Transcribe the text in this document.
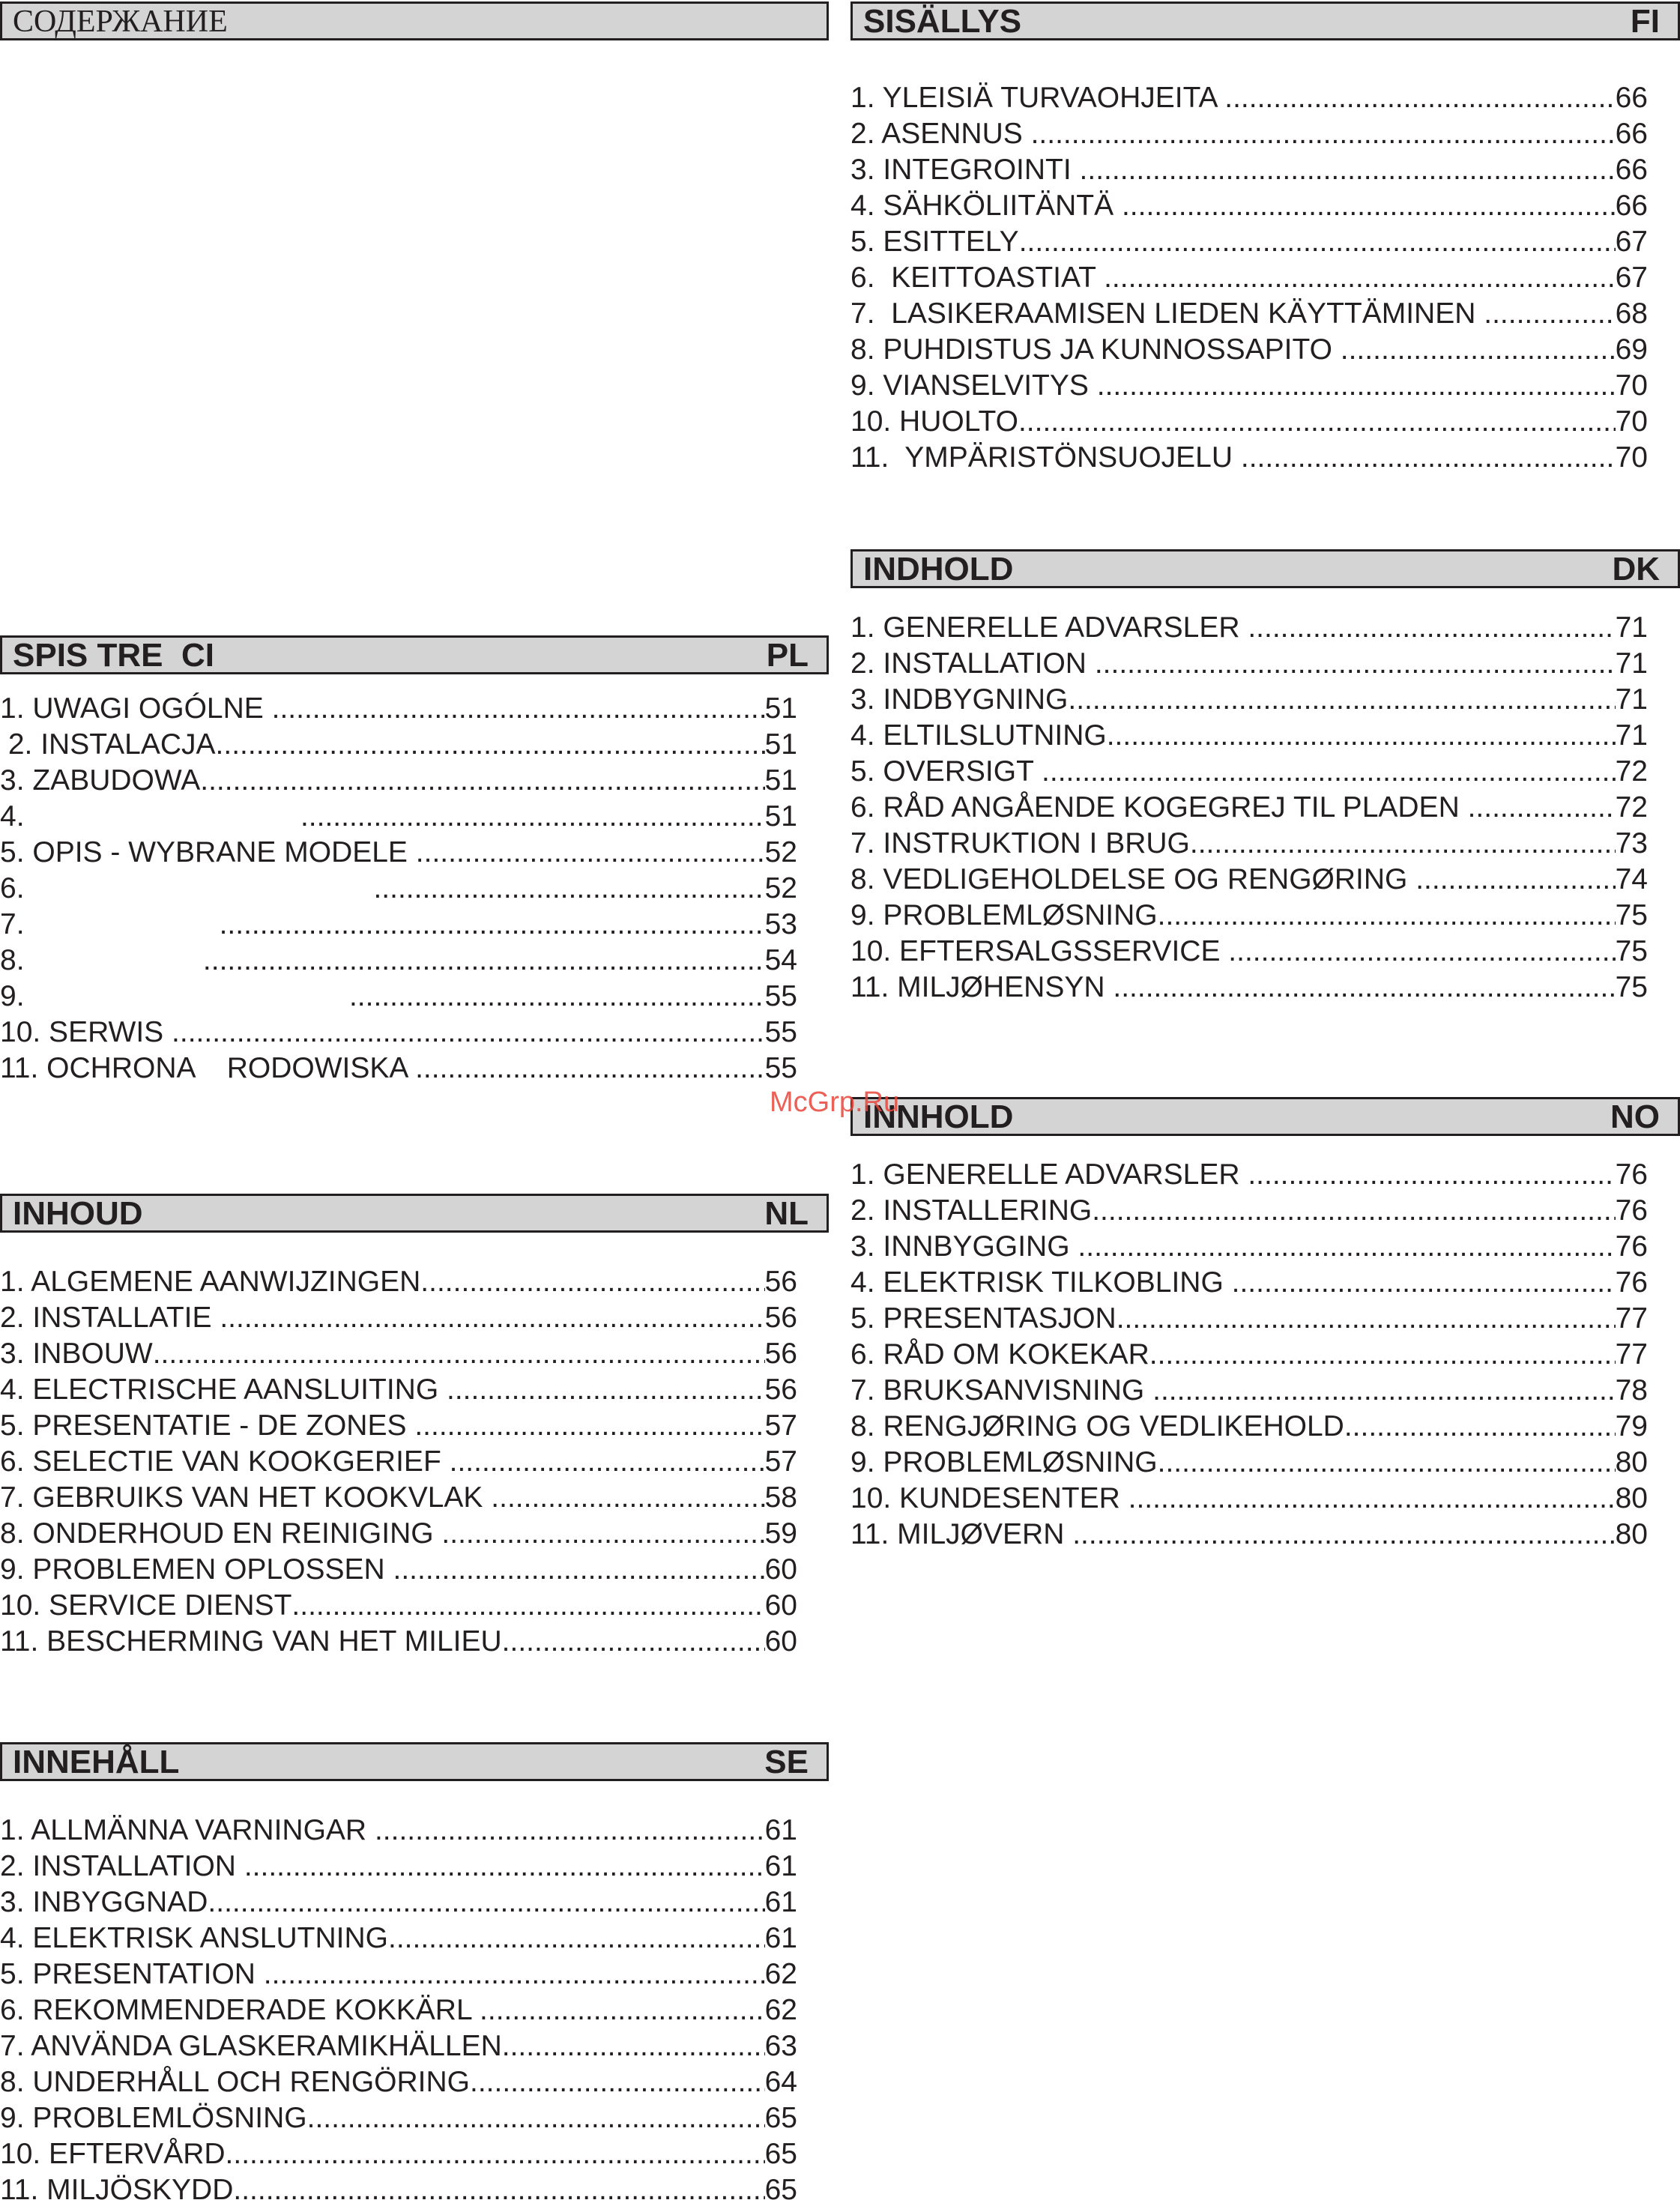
СОДЕРЖАНИЕ	SISÄLLYS	FI
1. YLEISIÄ TURVAOHJEITA .....	66
2. ASENNUS .....	66
3. INTEGROINTI .....	66
4. SÄHKÖLIITÄNTÄ .....	66
5. ESITTELY .....	67
6.  KEITTOASTIAT .....	67
7.  LASIKERAAMISEN LIEDEN KÄYTTÄMINEN .....	68
8. PUHDISTUS JA KUNNOSSAPITO .....	69
9. VIANSELVITYS .....	70
10. HUOLTO .....	70
11.  YMPÄRISTÖNSUOJELU .....	70
INDHOLD	DK
1. GENERELLE ADVARSLER .....	71
2. INSTALLATION .....	71
3. INDBYGNING .....	71
4. ELTILSLUTNING .....	71
5. OVERSIGT .....	72
6. RÅD ANGÅENDE KOGEGREJ TIL PLADEN .....	72
7. INSTRUKTION I BRUG .....	73
8. VEDLIGEHOLDELSE OG RENGØRING .....	74
9. PROBLEMLØSNING .....	75
10. EFTERSALGSSERVICE .....	75
11. MILJØHENSYN .....	75
SPIS TRE  CI	PL
1. UWAGI OGÓLNE .....	51
2. INSTALACJA .....	51
3. ZABUDOWA .....	51
4. .....	51
5. OPIS - WYBRANE MODELE .....	52
6. .....	52
7. .....	53
8. .....	54
9. .....	55
10. SERWIS .....	55
11. OCHRONA    RODOWISKA .....	55
INNHOLD	NO
1. GENERELLE ADVARSLER .....	76
2. INSTALLERING .....	76
3. INNBYGGING .....	76
4. ELEKTRISK TILKOBLING .....	76
5. PRESENTASJON .....	77
6. RÅD OM KOKEKAR .....	77
7. BRUKSANVISNING .....	78
8. RENGJØRING OG VEDLIKEHOLD .....	79
9. PROBLEMLØSNING .....	80
10. KUNDESENTER .....	80
11. MILJØVERN .....	80
INHOUD	NL
1. ALGEMENE AANWIJZINGEN .....	56
2. INSTALLATIE .....	56
3. INBOUW .....	56
4. ELECTRISCHE AANSLUITING .....	56
5. PRESENTATIE - DE ZONES .....	57
6. SELECTIE VAN KOOKGERIEF .....	57
7. GEBRUIKS VAN HET KOOKVLAK .....	58
8. ONDERHOUD EN REINIGING .....	59
9. PROBLEMEN OPLOSSEN .....	60
10. SERVICE DIENST .....	60
11. BESCHERMING VAN HET MILIEU .....	60
INNEHÅLL	SE
1. ALLMÄNNA VARNINGAR .....	61
2. INSTALLATION .....	61
3. INBYGGNAD .....	61
4. ELEKTRISK ANSLUTNING .....	61
5. PRESENTATION .....	62
6. REKOMMENDERADE KOKKÄRL .....	62
7. ANVÄNDA GLASKERAMIKHÄLLEN .....	63
8. UNDERHÅLL OCH RENGÖRING .....	64
9. PROBLEMLÖSNING .....	65
10. EFTERVÅRD .....	65
11. MILJÖSKYDD .....	65
McGrp.Ru
